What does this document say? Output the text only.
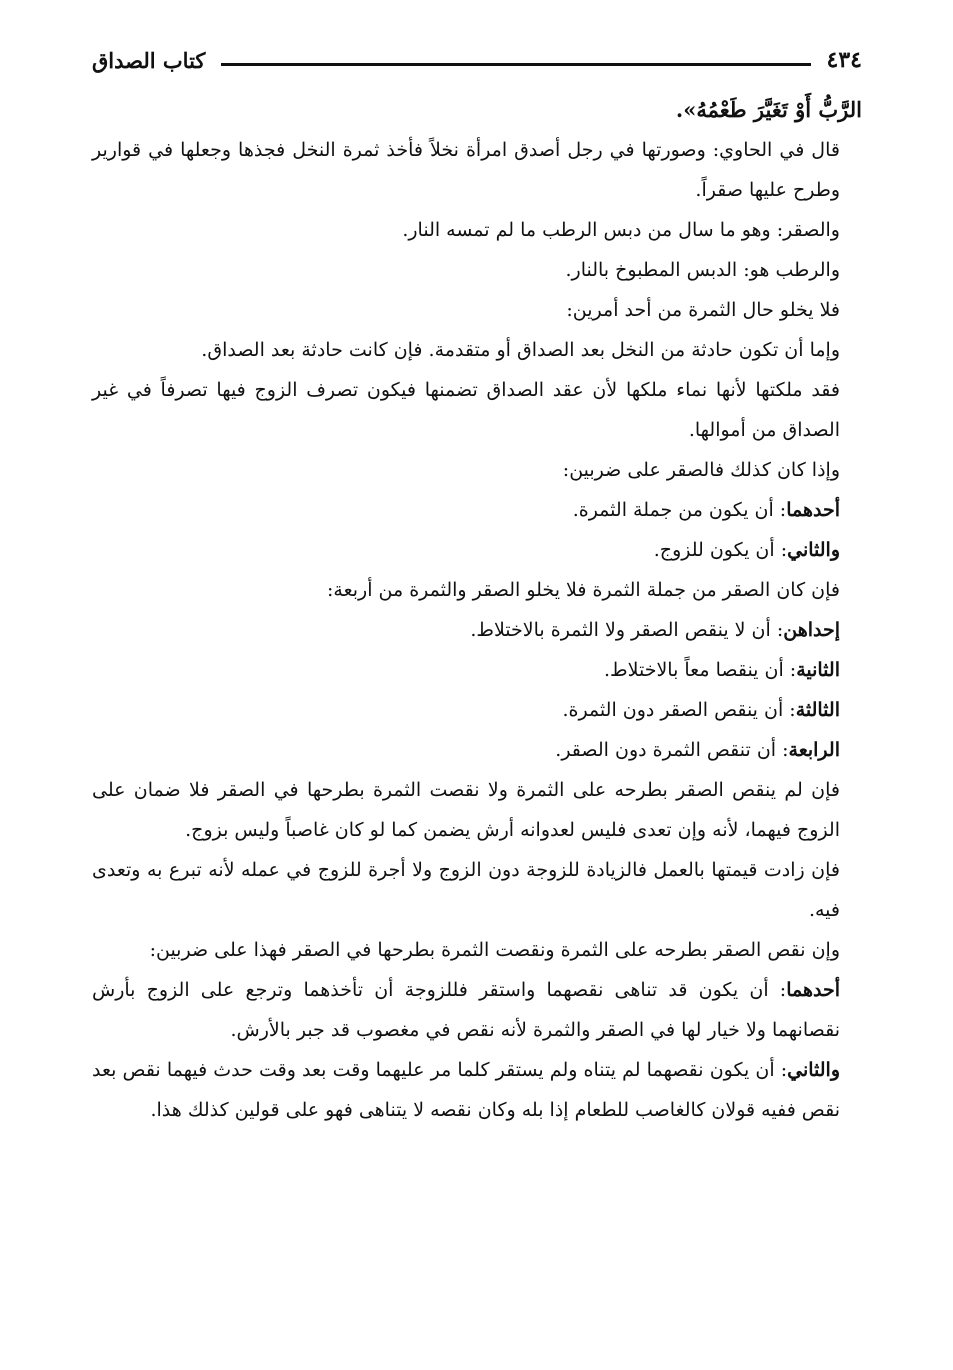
٤٣٤
كتاب الصداق

الرَّبُّ أَوْ تَغَيَّرَ طَعْمُهُ».

قال في الحاوي: وصورتها في رجل أصدق امرأة نخلاً فأخذ ثمرة النخل فجذها وجعلها في قوارير وطرح عليها صقراً.

والصقر: وهو ما سال من دبس الرطب ما لم تمسه النار.

والرطب هو: الدبس المطبوخ بالنار.

فلا يخلو حال الثمرة من أحد أمرين:

وإما أن تكون حادثة من النخل بعد الصداق أو متقدمة. فإن كانت حادثة بعد الصداق.

فقد ملكتها لأنها نماء ملكها لأن عقد الصداق تضمنها فيكون تصرف الزوج فيها تصرفاً في غير الصداق من أموالها.

وإذا كان كذلك فالصقر على ضربين:

أحدهما: أن يكون من جملة الثمرة.

والثاني: أن يكون للزوج.

فإن كان الصقر من جملة الثمرة فلا يخلو الصقر والثمرة من أربعة:

إحداهن: أن لا ينقص الصقر ولا الثمرة بالاختلاط.

الثانية: أن ينقصا معاً بالاختلاط.

الثالثة: أن ينقص الصقر دون الثمرة.

الرابعة: أن تنقص الثمرة دون الصقر.

فإن لم ينقص الصقر بطرحه على الثمرة ولا نقصت الثمرة بطرحها في الصقر فلا ضمان على الزوج فيهما، لأنه وإن تعدى فليس لعدوانه أرش يضمن كما لو كان غاصباً وليس بزوج.

فإن زادت قيمتها بالعمل فالزيادة للزوجة دون الزوج ولا أجرة للزوج في عمله لأنه تبرع به وتعدى فيه.

وإن نقص الصقر بطرحه على الثمرة ونقصت الثمرة بطرحها في الصقر فهذا على ضربين:

أحدهما: أن يكون قد تناهى نقصهما واستقر فللزوجة أن تأخذهما وترجع على الزوج بأرش نقصانهما ولا خيار لها في الصقر والثمرة لأنه نقص في مغصوب قد جبر بالأرش.

والثاني: أن يكون نقصهما لم يتناه ولم يستقر كلما مر عليهما وقت بعد وقت حدث فيهما نقص بعد نقص ففيه قولان كالغاصب للطعام إذا بله وكان نقصه لا يتناهى فهو على قولين كذلك هذا.
